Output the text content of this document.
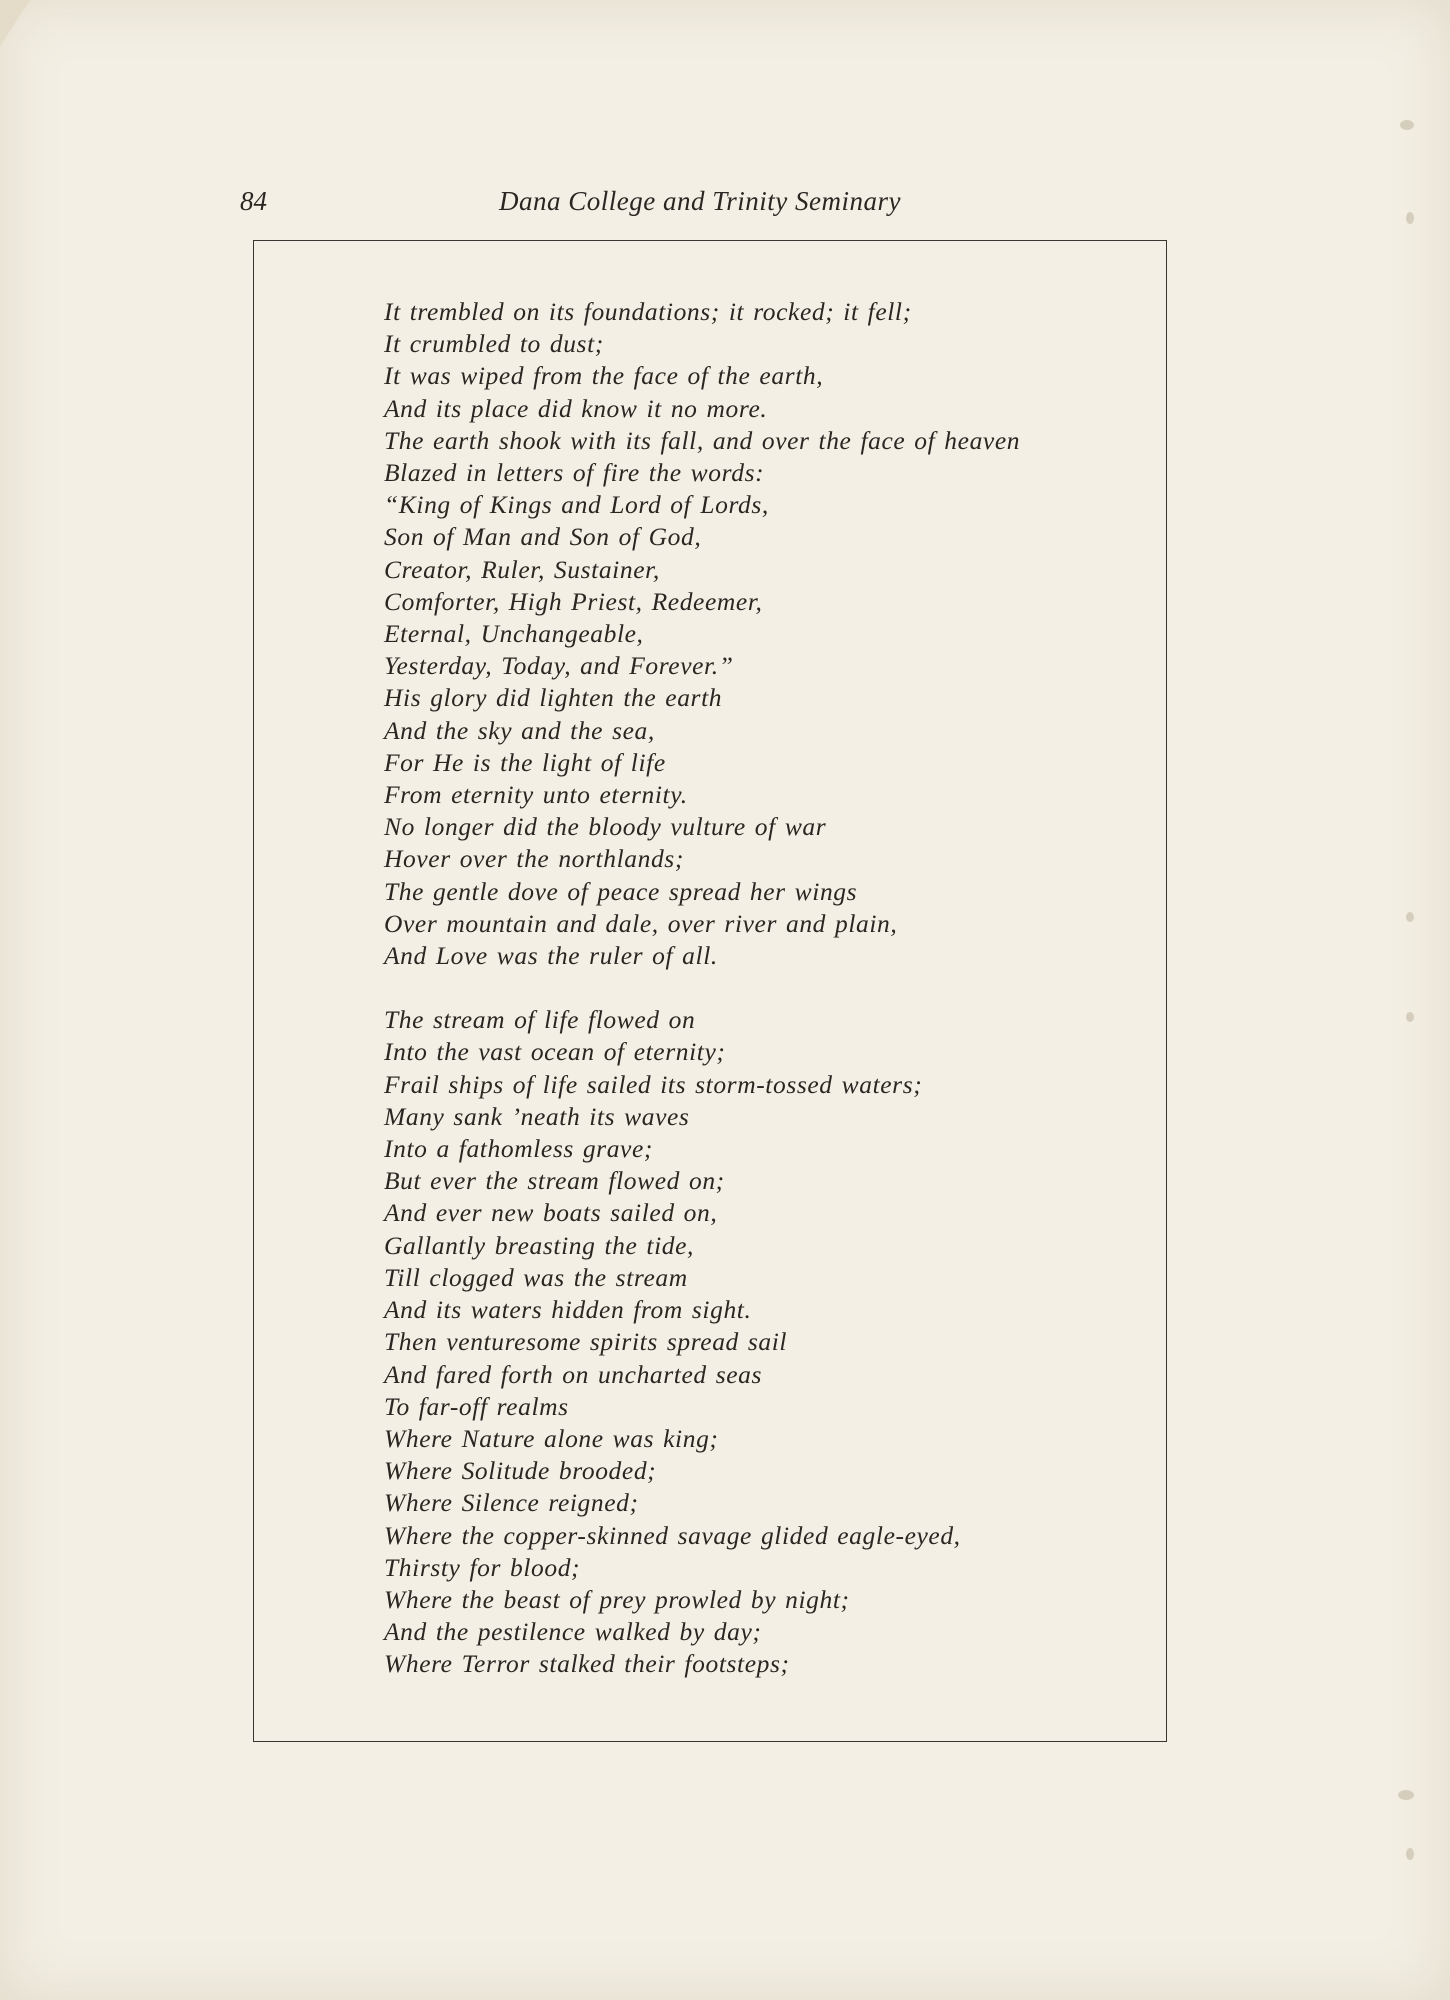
84	Dana College and Trinity Seminary

It trembled on its foundations; it rocked; it fell;
It crumbled to dust;
It was wiped from the face of the earth,
And its place did know it no more.
The earth shook with its fall, and over the face of heaven
Blazed in letters of fire the words:
“King of Kings and Lord of Lords,
Son of Man and Son of God,
Creator, Ruler, Sustainer,
Comforter, High Priest, Redeemer,
Eternal, Unchangeable,
Yesterday, Today, and Forever.”
His glory did lighten the earth
And the sky and the sea,
For He is the light of life
From eternity unto eternity.
No longer did the bloody vulture of war
Hover over the northlands;
The gentle dove of peace spread her wings
Over mountain and dale, over river and plain,
And Love was the ruler of all.

The stream of life flowed on
Into the vast ocean of eternity;
Frail ships of life sailed its storm-tossed waters;
Many sank ’neath its waves
Into a fathomless grave;
But ever the stream flowed on;
And ever new boats sailed on,
Gallantly breasting the tide,
Till clogged was the stream
And its waters hidden from sight.
Then venturesome spirits spread sail
And fared forth on uncharted seas
To far-off realms
Where Nature alone was king;
Where Solitude brooded;
Where Silence reigned;
Where the copper-skinned savage glided eagle-eyed,
Thirsty for blood;
Where the beast of prey prowled by night;
And the pestilence walked by day;
Where Terror stalked their footsteps;
